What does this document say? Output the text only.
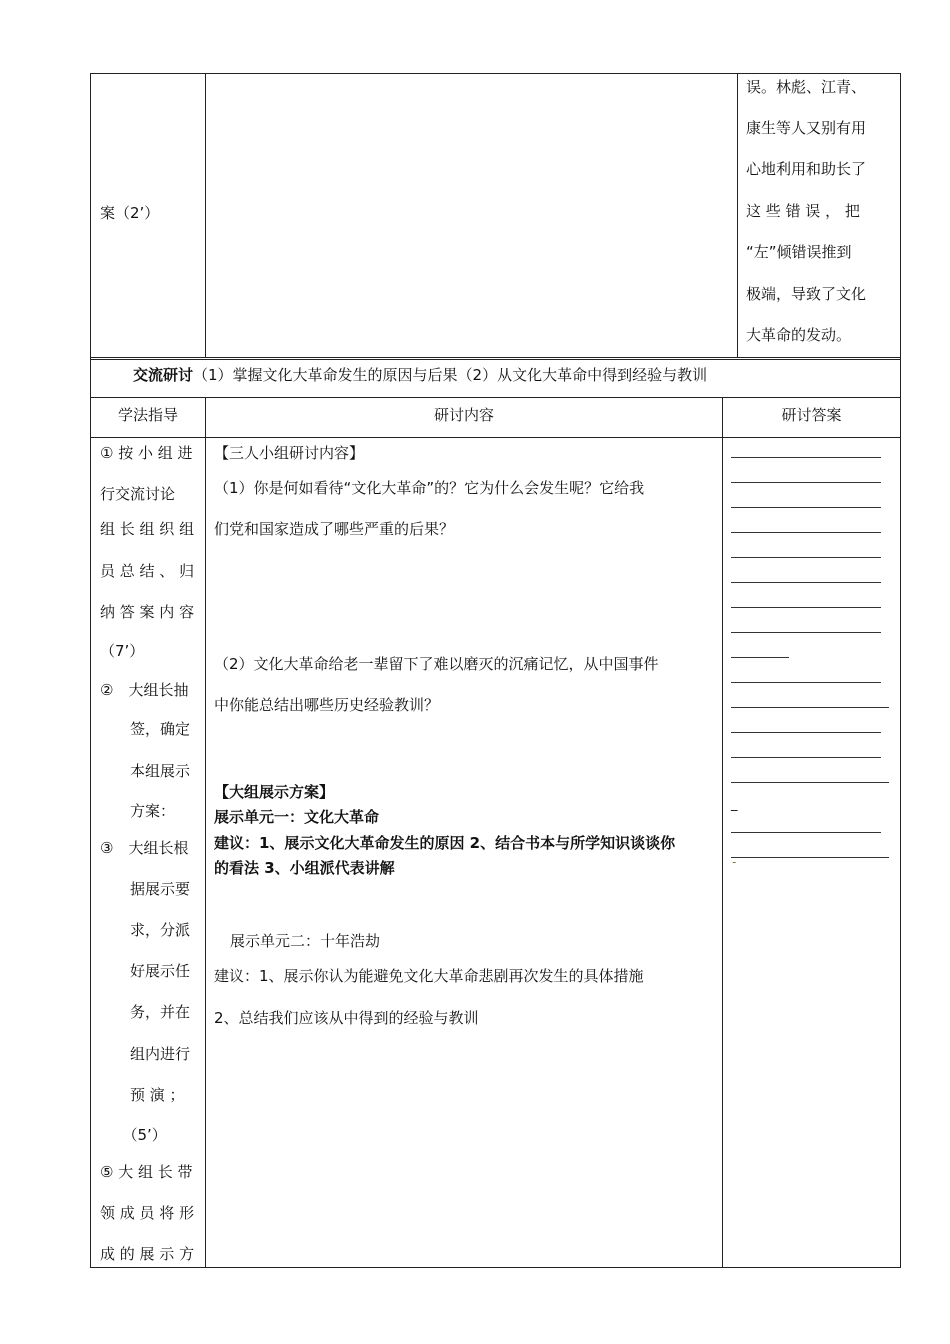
案（2’）
误。林彪、江青、
康生等人又别有用
心地利用和助长了
这 些 错 误 ， 把
“左”倾错误推到
极端，导致了文化
大革命的发动。
交流研讨（1）掌握文化大革命发生的原因与后果（2）从文化大革命中得到经验与教训
学法指导	研讨内容	研讨答案
① 按 小 组 进
行交流讨论
组 长 组 织 组
员 总 结 、 归
纳 答 案 内 容
（7’）
②　大组长抽
　　签，确定
　　本组展示
　　方案：
③　大组长根
　　据展示要
　　求，分派
　　好展示任
　　务，并在
　　组内进行
　　预 演 ；
　　（5’）
⑤ 大 组 长 带
领 成 员 将 形
成 的 展 示 方
【三人小组研讨内容】
（1）你是何如看待“文化大革命”的？它为什么会发生呢？它给我
们党和国家造成了哪些严重的后果？
（2）文化大革命给老一辈留下了难以磨灭的沉痛记忆，从中国事件
中你能总结出哪些历史经验教训？
【大组展示方案】
展示单元一：文化大革命
建议：1、展示文化大革命发生的原因 2、结合书本与所学知识谈谈你
的看法 3、小组派代表讲解
展示单元二：十年浩劫
建议：1、展示你认为能避免文化大革命悲剧再次发生的具体措施
2、总结我们应该从中得到的经验与教训
_
-
